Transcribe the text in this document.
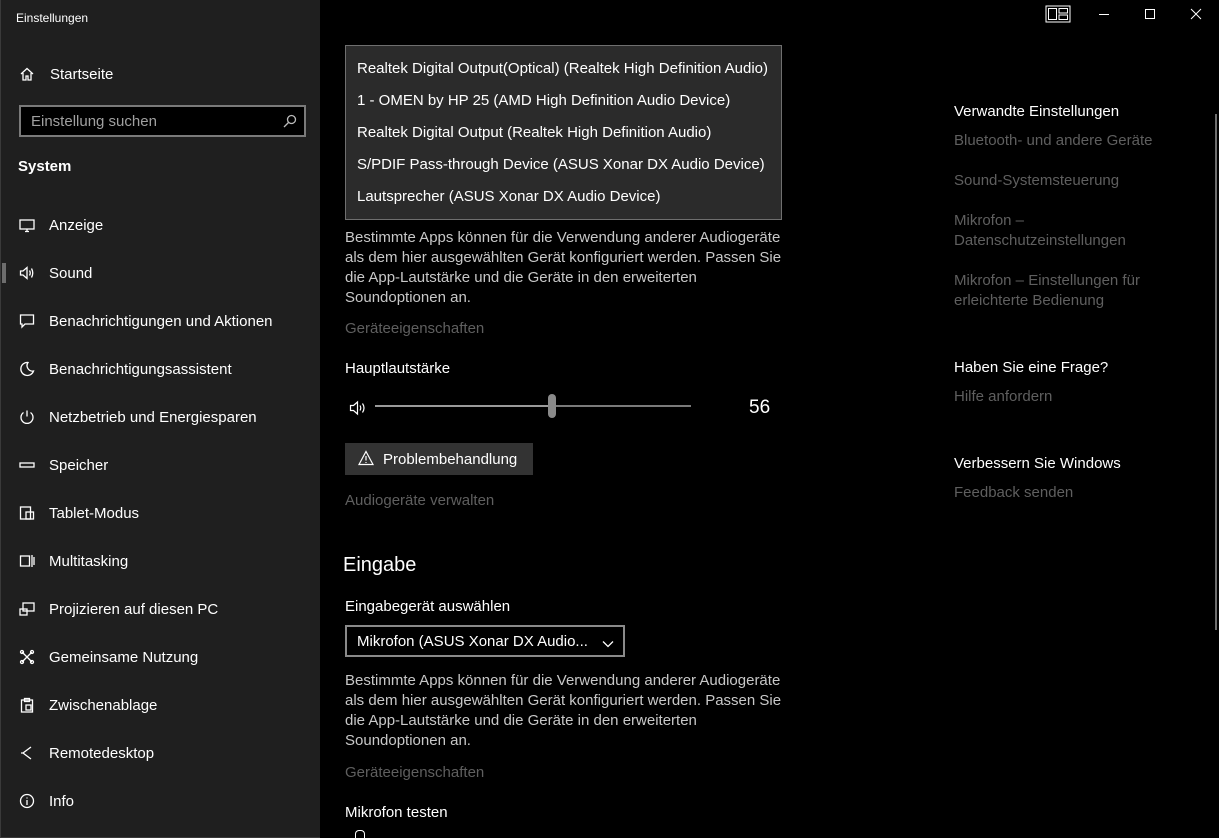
Einstellungen
Startseite
Einstellung suchen
System
Anzeige
Sound
Benachrichtigungen und Aktionen
Benachrichtigungsassistent
Netzbetrieb und Energiesparen
Speicher
Tablet-Modus
Multitasking
Projizieren auf diesen PC
Gemeinsame Nutzung
Zwischenablage
Remotedesktop
Info
Realtek Digital Output(Optical) (Realtek High Definition Audio)
1 - OMEN by HP 25 (AMD High Definition Audio Device)
Realtek Digital Output (Realtek High Definition Audio)
S/PDIF Pass-through Device (ASUS Xonar DX Audio Device)
Lautsprecher (ASUS Xonar DX Audio Device)
Bestimmte Apps können für die Verwendung anderer Audiogeräte als dem hier ausgewählten Gerät konfiguriert werden. Passen Sie die App-Lautstärke und die Geräte in den erweiterten Soundoptionen an.
Geräteeigenschaften
Hauptlautstärke
56
Problembehandlung
Audiogeräte verwalten
Eingabe
Eingabegerät auswählen
Mikrofon (ASUS Xonar DX Audio...
Bestimmte Apps können für die Verwendung anderer Audiogeräte als dem hier ausgewählten Gerät konfiguriert werden. Passen Sie die App-Lautstärke und die Geräte in den erweiterten Soundoptionen an.
Geräteeigenschaften
Mikrofon testen
Verwandte Einstellungen
Bluetooth- und andere Geräte
Sound-Systemsteuerung
Mikrofon – Datenschutzeinstellungen
Mikrofon – Einstellungen für erleichterte Bedienung
Haben Sie eine Frage?
Hilfe anfordern
Verbessern Sie Windows
Feedback senden
